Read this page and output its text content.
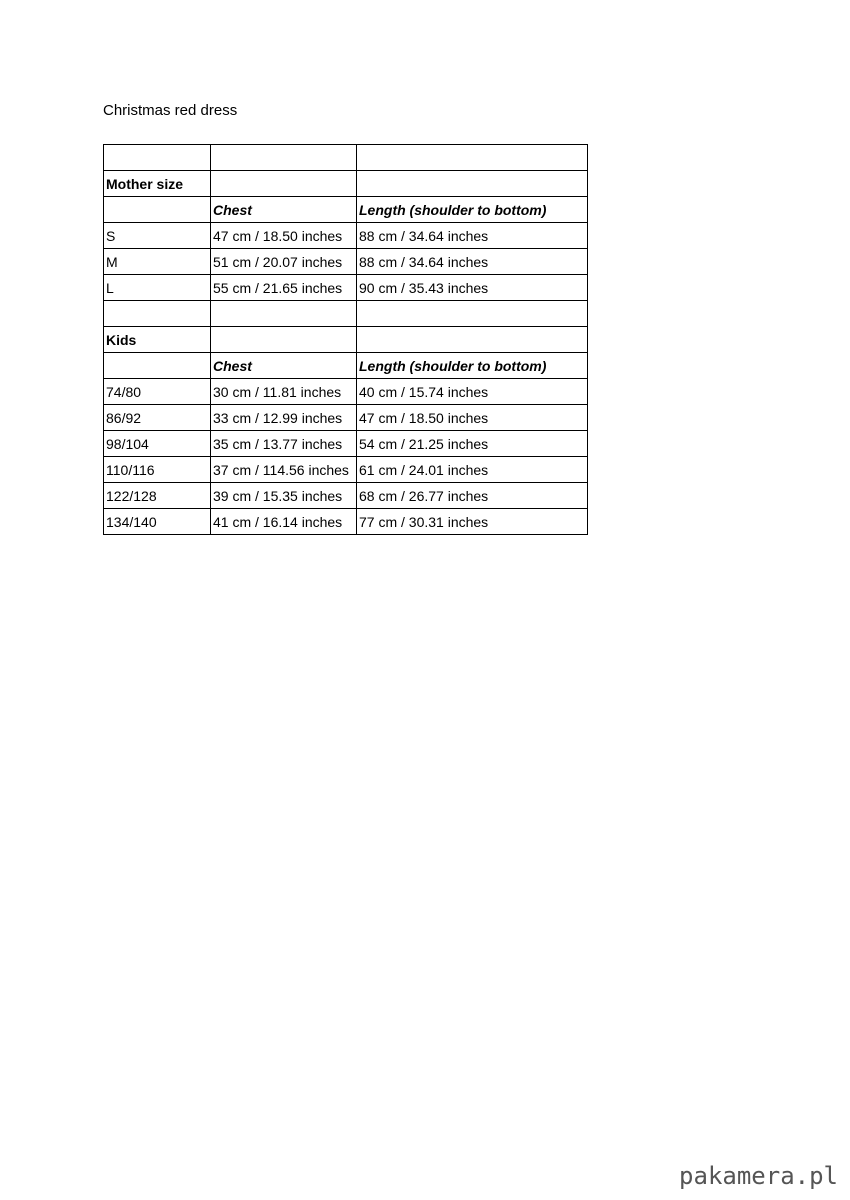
Christmas red dress

Mother size		
	Chest	Length (shoulder to bottom)
S	47 cm / 18.50 inches	88 cm / 34.64 inches
M	51 cm / 20.07 inches	88 cm / 34.64 inches
L	55 cm / 21.65 inches	90 cm / 35.43 inches

Kids		
	Chest	Length (shoulder to bottom)
74/80	30 cm / 11.81 inches	40 cm / 15.74 inches
86/92	33 cm / 12.99 inches	47 cm / 18.50 inches
98/104	35 cm / 13.77 inches	54 cm / 21.25 inches
110/116	37 cm / 114.56 inches	61 cm / 24.01 inches
122/128	39 cm / 15.35 inches	68 cm / 26.77 inches
134/140	41 cm / 16.14 inches	77 cm / 30.31 inches
pakamera.pl
